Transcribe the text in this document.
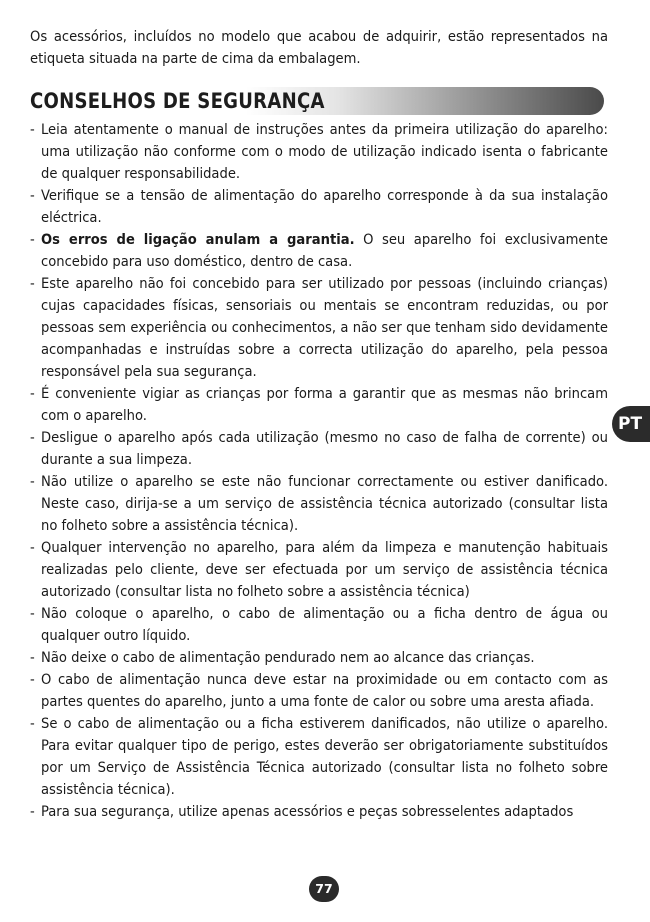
Os acessórios, incluídos no modelo que acabou de adquirir, estão representados na etiqueta situada na parte de cima da embalagem.

CONSELHOS DE SEGURANÇA
- Leia atentamente o manual de instruções antes da primeira utilização do aparelho: uma utilização não conforme com o modo de utilização indicado isenta o fabricante de qualquer responsabilidade.
- Verifique se a tensão de alimentação do aparelho corresponde à da sua instalação eléctrica.
- Os erros de ligação anulam a garantia. O seu aparelho foi exclusivamente concebido para uso doméstico, dentro de casa.
- Este aparelho não foi concebido para ser utilizado por pessoas (incluindo crianças) cujas capacidades físicas, sensoriais ou mentais se encontram reduzidas, ou por pessoas sem experiência ou conhecimentos, a não ser que tenham sido devidamente acompanhadas e instruídas sobre a correcta utilização do aparelho, pela pessoa responsável pela sua segurança.
- É conveniente vigiar as crianças por forma a garantir que as mesmas não brincam com o aparelho.
- Desligue o aparelho após cada utilização (mesmo no caso de falha de corrente) ou durante a sua limpeza.
- Não utilize o aparelho se este não funcionar correctamente ou estiver danificado. Neste caso, dirija-se a um serviço de assistência técnica autorizado (consultar lista no folheto sobre a assistência técnica).
- Qualquer intervenção no aparelho, para além da limpeza e manutenção habituais realizadas pelo cliente, deve ser efectuada por um serviço de assistência técnica autorizado (consultar lista no folheto sobre a assistência técnica)
- Não coloque o aparelho, o cabo de alimentação ou a ficha dentro de água ou qualquer outro líquido.
- Não deixe o cabo de alimentação pendurado nem ao alcance das crianças.
- O cabo de alimentação nunca deve estar na proximidade ou em contacto com as partes quentes do aparelho, junto a uma fonte de calor ou sobre uma aresta afiada.
- Se o cabo de alimentação ou a ficha estiverem danificados, não utilize o aparelho. Para evitar qualquer tipo de perigo, estes deverão ser obrigatoriamente substituídos por um Serviço de Assistência Técnica autorizado (consultar lista no folheto sobre assistência técnica).
- Para sua segurança, utilize apenas acessórios e peças sobresselentes adaptados
PT
77
